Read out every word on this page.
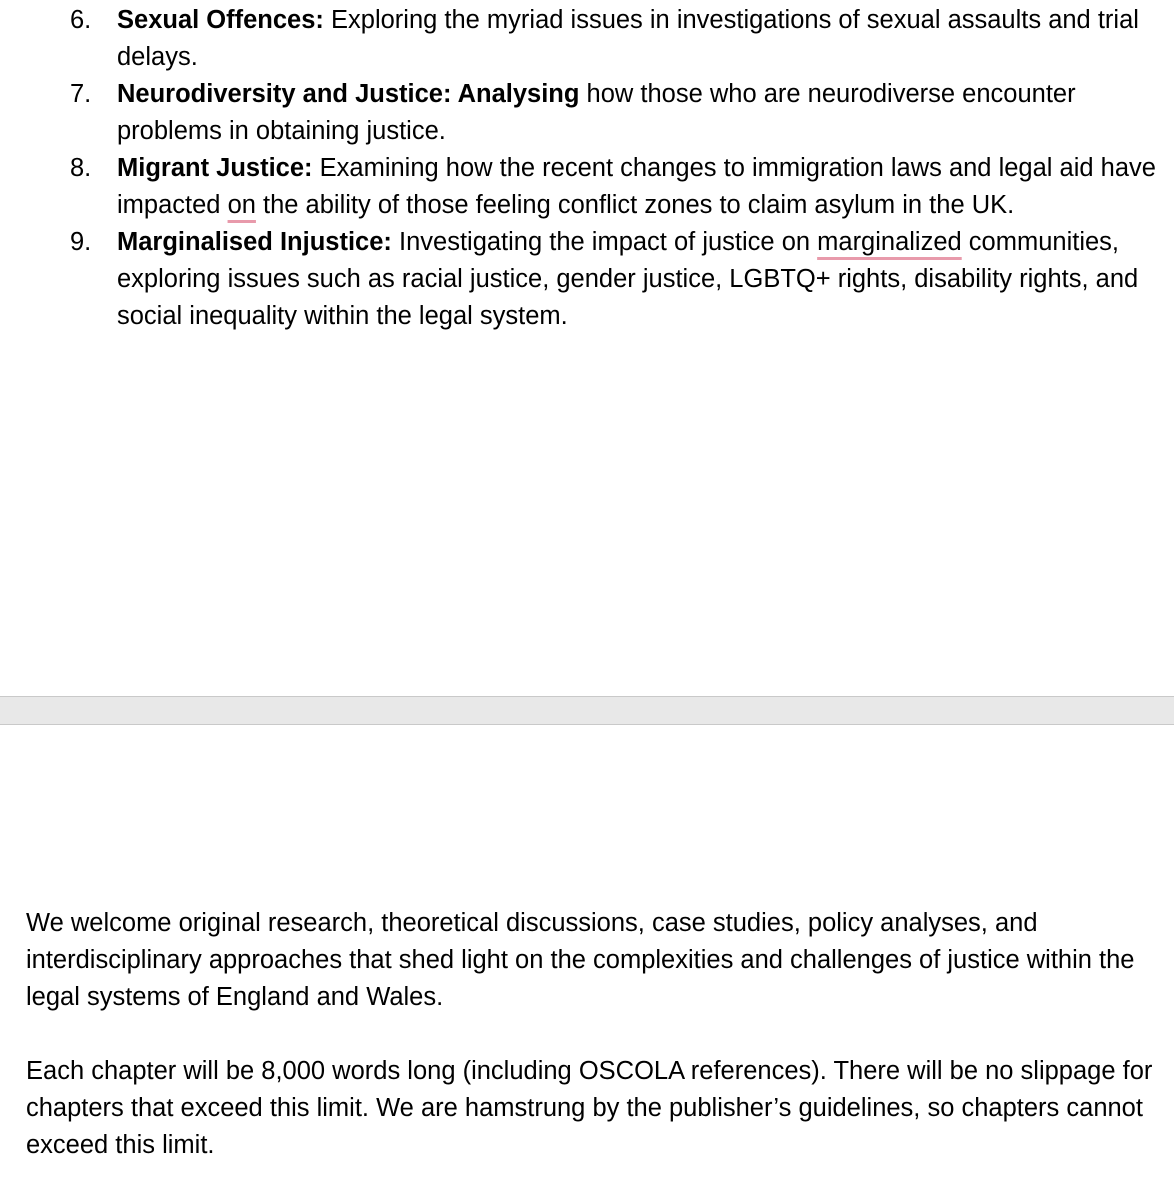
6. Sexual Offences: Exploring the myriad issues in investigations of sexual assaults and trial delays.
7. Neurodiversity and Justice: Analysing how those who are neurodiverse encounter problems in obtaining justice.
8. Migrant Justice: Examining how the recent changes to immigration laws and legal aid have impacted on the ability of those feeling conflict zones to claim asylum in the UK.
9. Marginalised Injustice: Investigating the impact of justice on marginalized communities, exploring issues such as racial justice, gender justice, LGBTQ+ rights, disability rights, and social inequality within the legal system.

We welcome original research, theoretical discussions, case studies, policy analyses, and interdisciplinary approaches that shed light on the complexities and challenges of justice within the legal systems of England and Wales.

Each chapter will be 8,000 words long (including OSCOLA references). There will be no slippage for chapters that exceed this limit. We are hamstrung by the publisher’s guidelines, so chapters cannot exceed this limit.
